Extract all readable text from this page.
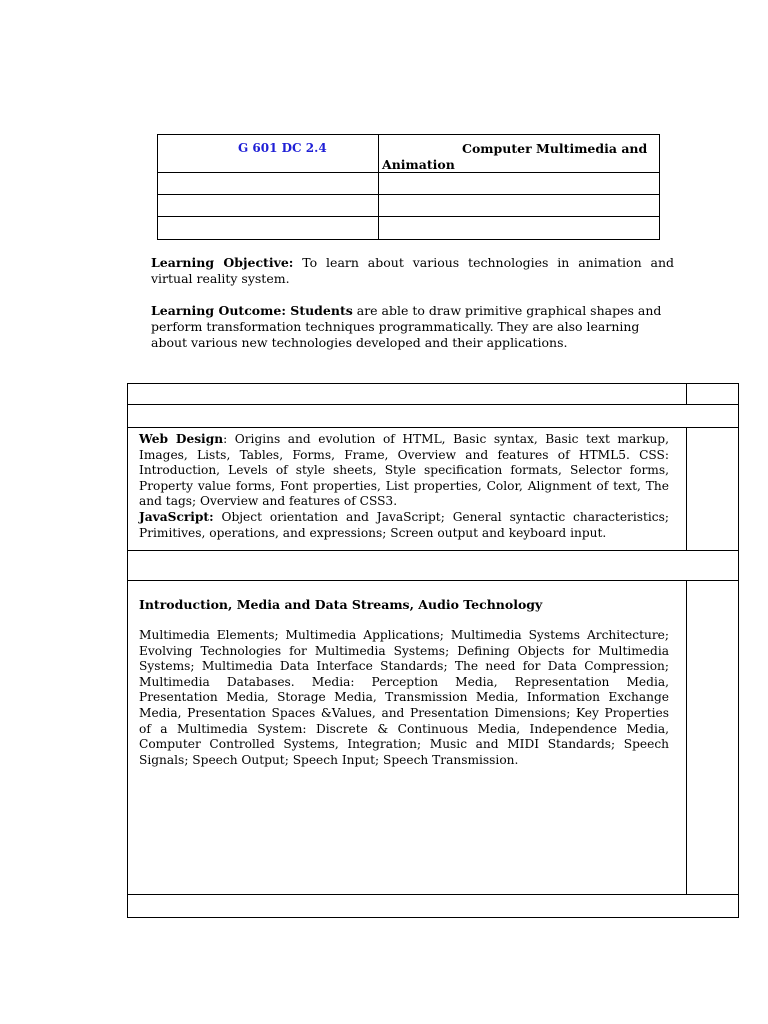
G 601 DC 2.4	Computer Multimedia and
Animation
Learning Objective: To learn about various technologies in animation and virtual reality system.
Learning Outcome: Students are able to draw primitive graphical shapes and perform transformation techniques programmatically. They are also learning about various new technologies developed and their applications.
Web Design: Origins and evolution of HTML, Basic syntax, Basic text markup, Images, Lists, Tables, Forms, Frame, Overview and features of HTML5. CSS: Introduction, Levels of style sheets, Style specification formats, Selector forms, Property value forms, Font properties, List properties, Color, Alignment of text, The and tags; Overview and features of CSS3.
JavaScript: Object orientation and JavaScript; General syntactic characteristics; Primitives, operations, and expressions; Screen output and keyboard input.
Introduction, Media and Data Streams, Audio Technology
Multimedia Elements; Multimedia Applications; Multimedia Systems Architecture; Evolving Technologies for Multimedia Systems; Defining Objects for Multimedia Systems; Multimedia Data Interface Standards; The need for Data Compression; Multimedia Databases. Media: Perception Media, Representation Media, Presentation Media, Storage Media, Transmission Media, Information Exchange Media, Presentation Spaces &Values, and Presentation Dimensions; Key Properties of a Multimedia System: Discrete & Continuous Media, Independence Media, Computer Controlled Systems, Integration; Music and MIDI Standards; Speech Signals; Speech Output; Speech Input; Speech Transmission.
